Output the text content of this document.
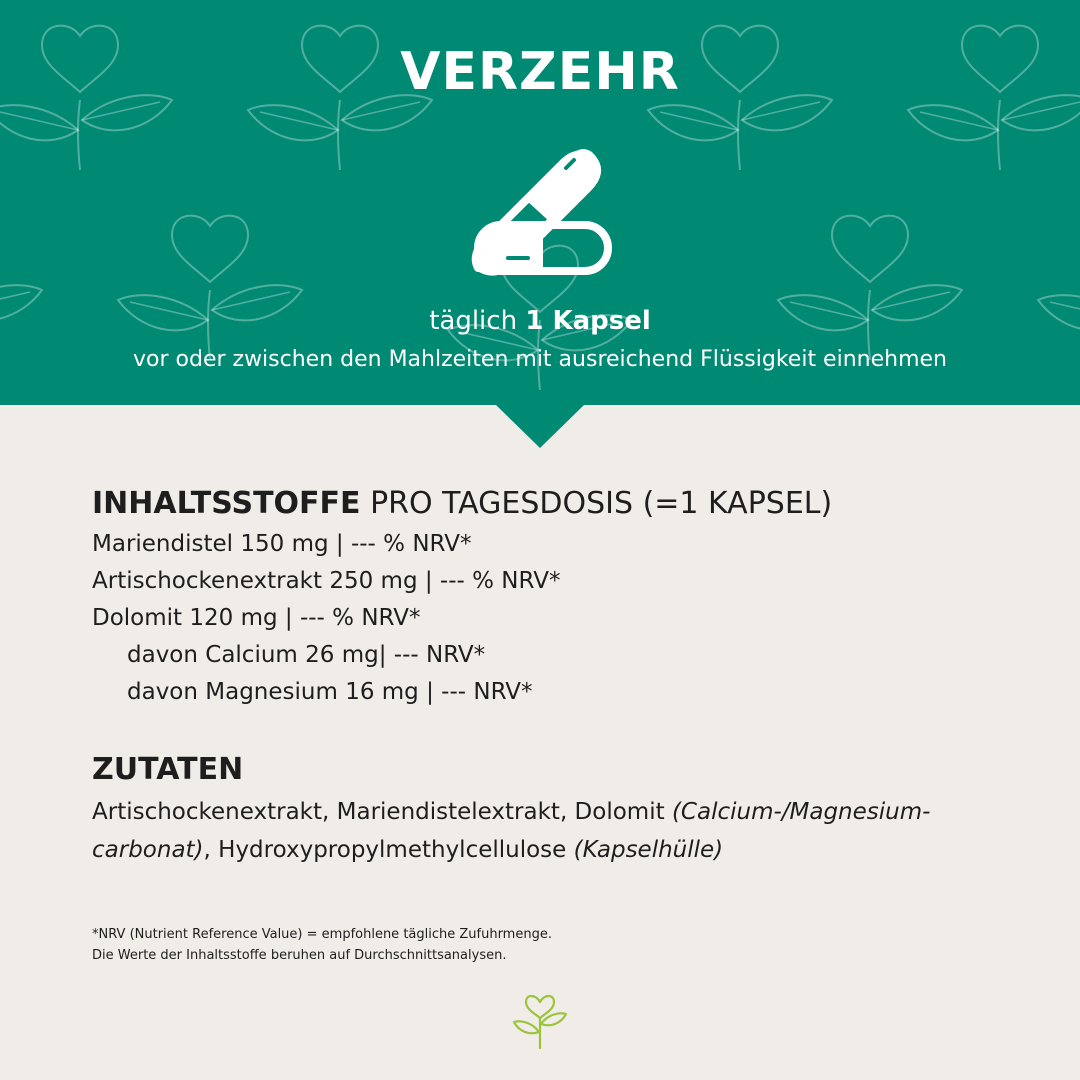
VERZEHR
täglich 1 Kapsel
vor oder zwischen den Mahlzeiten mit ausreichend Flüssigkeit einnehmen
INHALTSSTOFFE PRO TAGESDOSIS (=1 KAPSEL)
Mariendistel 150 mg | --- % NRV*
Artischockenextrakt 250 mg | --- % NRV*
Dolomit 120 mg | --- % NRV*
davon Calcium 26 mg| --- NRV*
davon Magnesium 16 mg | --- NRV*
ZUTATEN
Artischockenextrakt, Mariendistelextrakt, Dolomit (Calcium-/Magnesium-carbonat), Hydroxypropylmethylcellulose (Kapselhülle)
*NRV (Nutrient Reference Value) = empfohlene tägliche Zufuhrmenge.
Die Werte der Inhaltsstoffe beruhen auf Durchschnittsanalysen.
